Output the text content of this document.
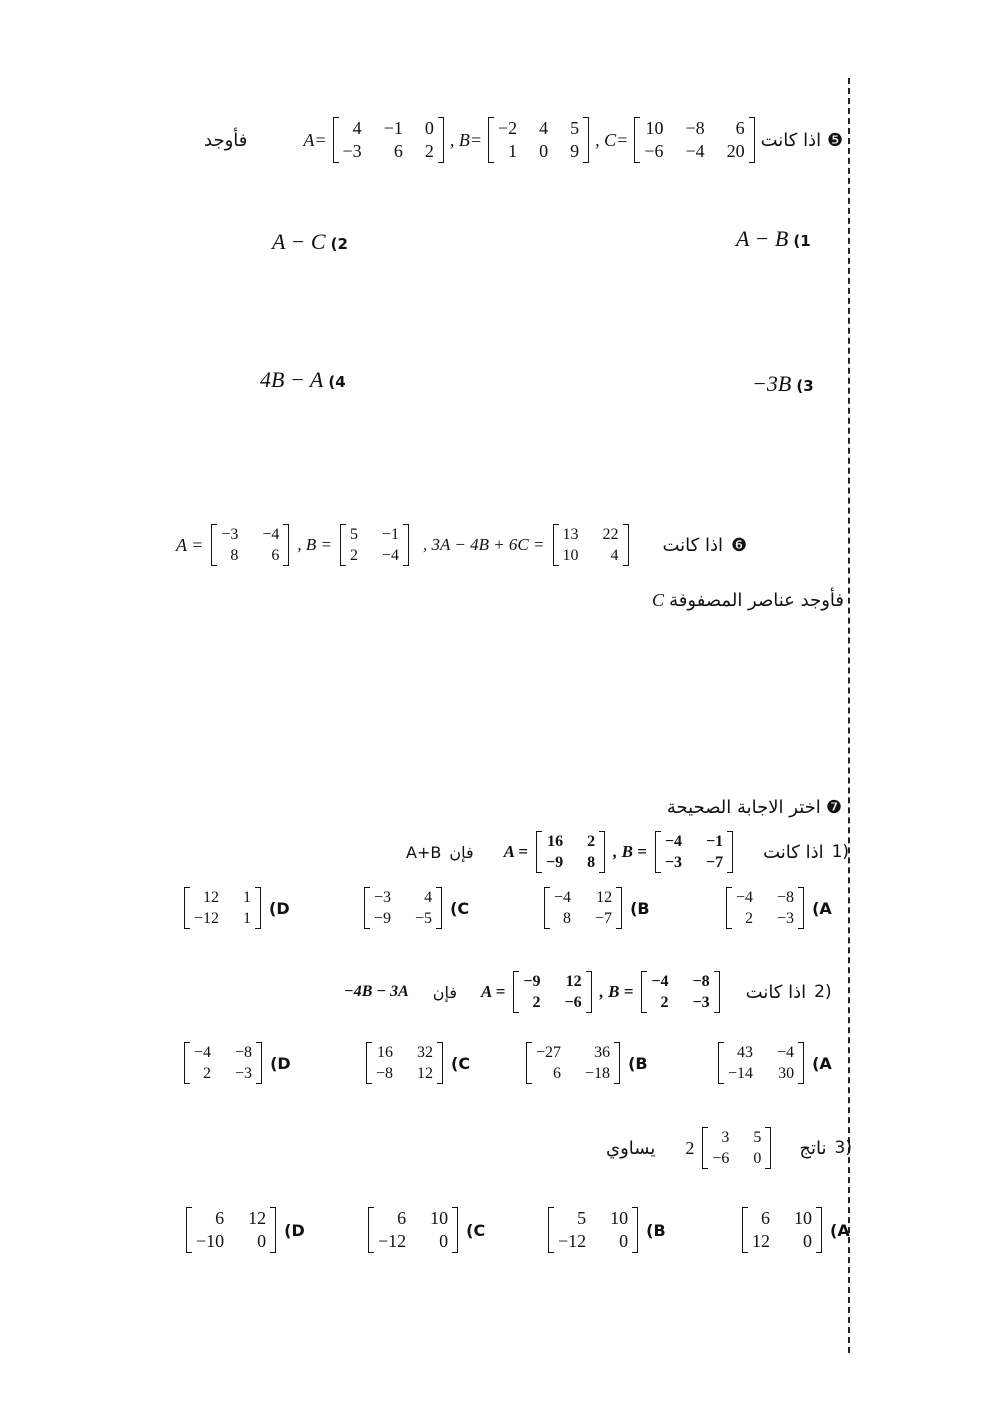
فأوجد	A=
4 −1 0
−3	6 2
, B=
−2 4 5
1 0 9
, C=
10 −8	6
−6 −4 20
اذا كانت ❺
A − B (1
A − C (2
−3B (3
4B − A (4
A = −3 −4
8	6
, B =
5 −1
2 −4
, 3A − 4B + 6C =
13 22
10	4 اذا كانت ❻
فأوجد عناصر المصفوفة C
❼ اختر الاجابة الصحيحة
A+B فإن A =
16 2
−9 8
, B =
−4 −1
−3 −7 اذا كانت 1)
−4 −8
2 −3
(A
−4 12
8 −7
(B
−3	4
−9 −5
(C
12 1
−12 1
(D
−4B − 3A فإن A =
−9 12
2 −6
, B =
−4 −8
2 −3 اذا كانت 2)
43 −4
−14 30
(A
−27	36
6 −18
(B
16 32
−8 12
(C
−4 −8
2 −3
(D
يساوي 2	3 5
−6 0 ناتج 3)
6 10
12	0
(A
5 10
−12	0
(B
6 10
−12	0
(C
6 12
−10	0
(D
